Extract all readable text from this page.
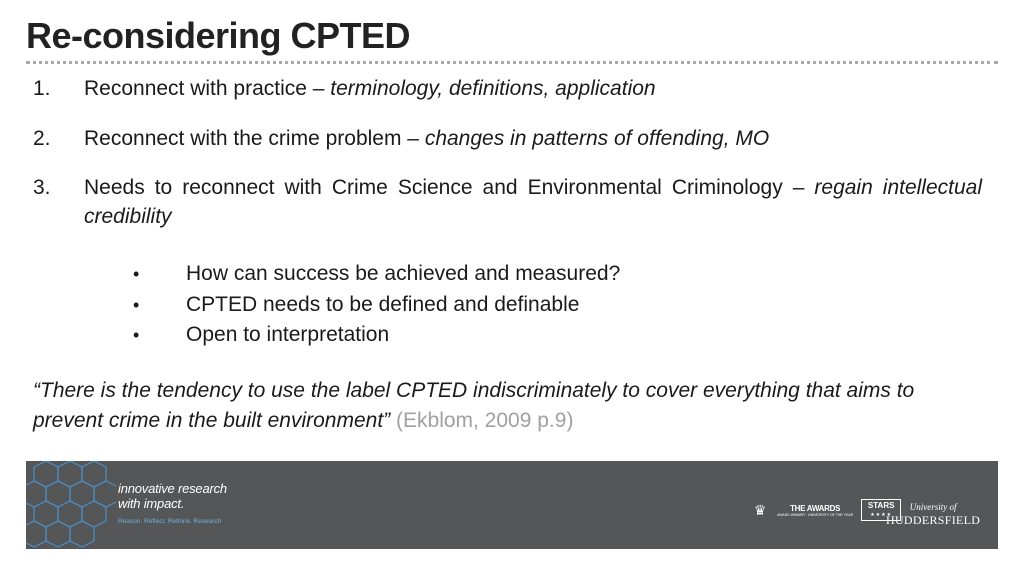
Re-considering CPTED
1.	Reconnect with practice – terminology, definitions, application
2.	Reconnect with the crime problem – changes in patterns of offending, MO
3.	Needs to reconnect with Crime Science and Environmental Criminology – regain intellectual credibility
•	How can success be achieved and measured?
•	CPTED needs to be defined and definable
•	Open to interpretation
“There is the tendency to use the label CPTED indiscriminately to cover everything that aims to prevent crime in the built environment” (Ekblom, 2009 p.9)
innovative research
with impact.
Reason. Reflect. Rethink. Research
♛	THE AWARDS
AWARD WINNER · UNIVERSITY OF THE YEAR
STARS
★★★★
University of
HUDDERSFIELD
